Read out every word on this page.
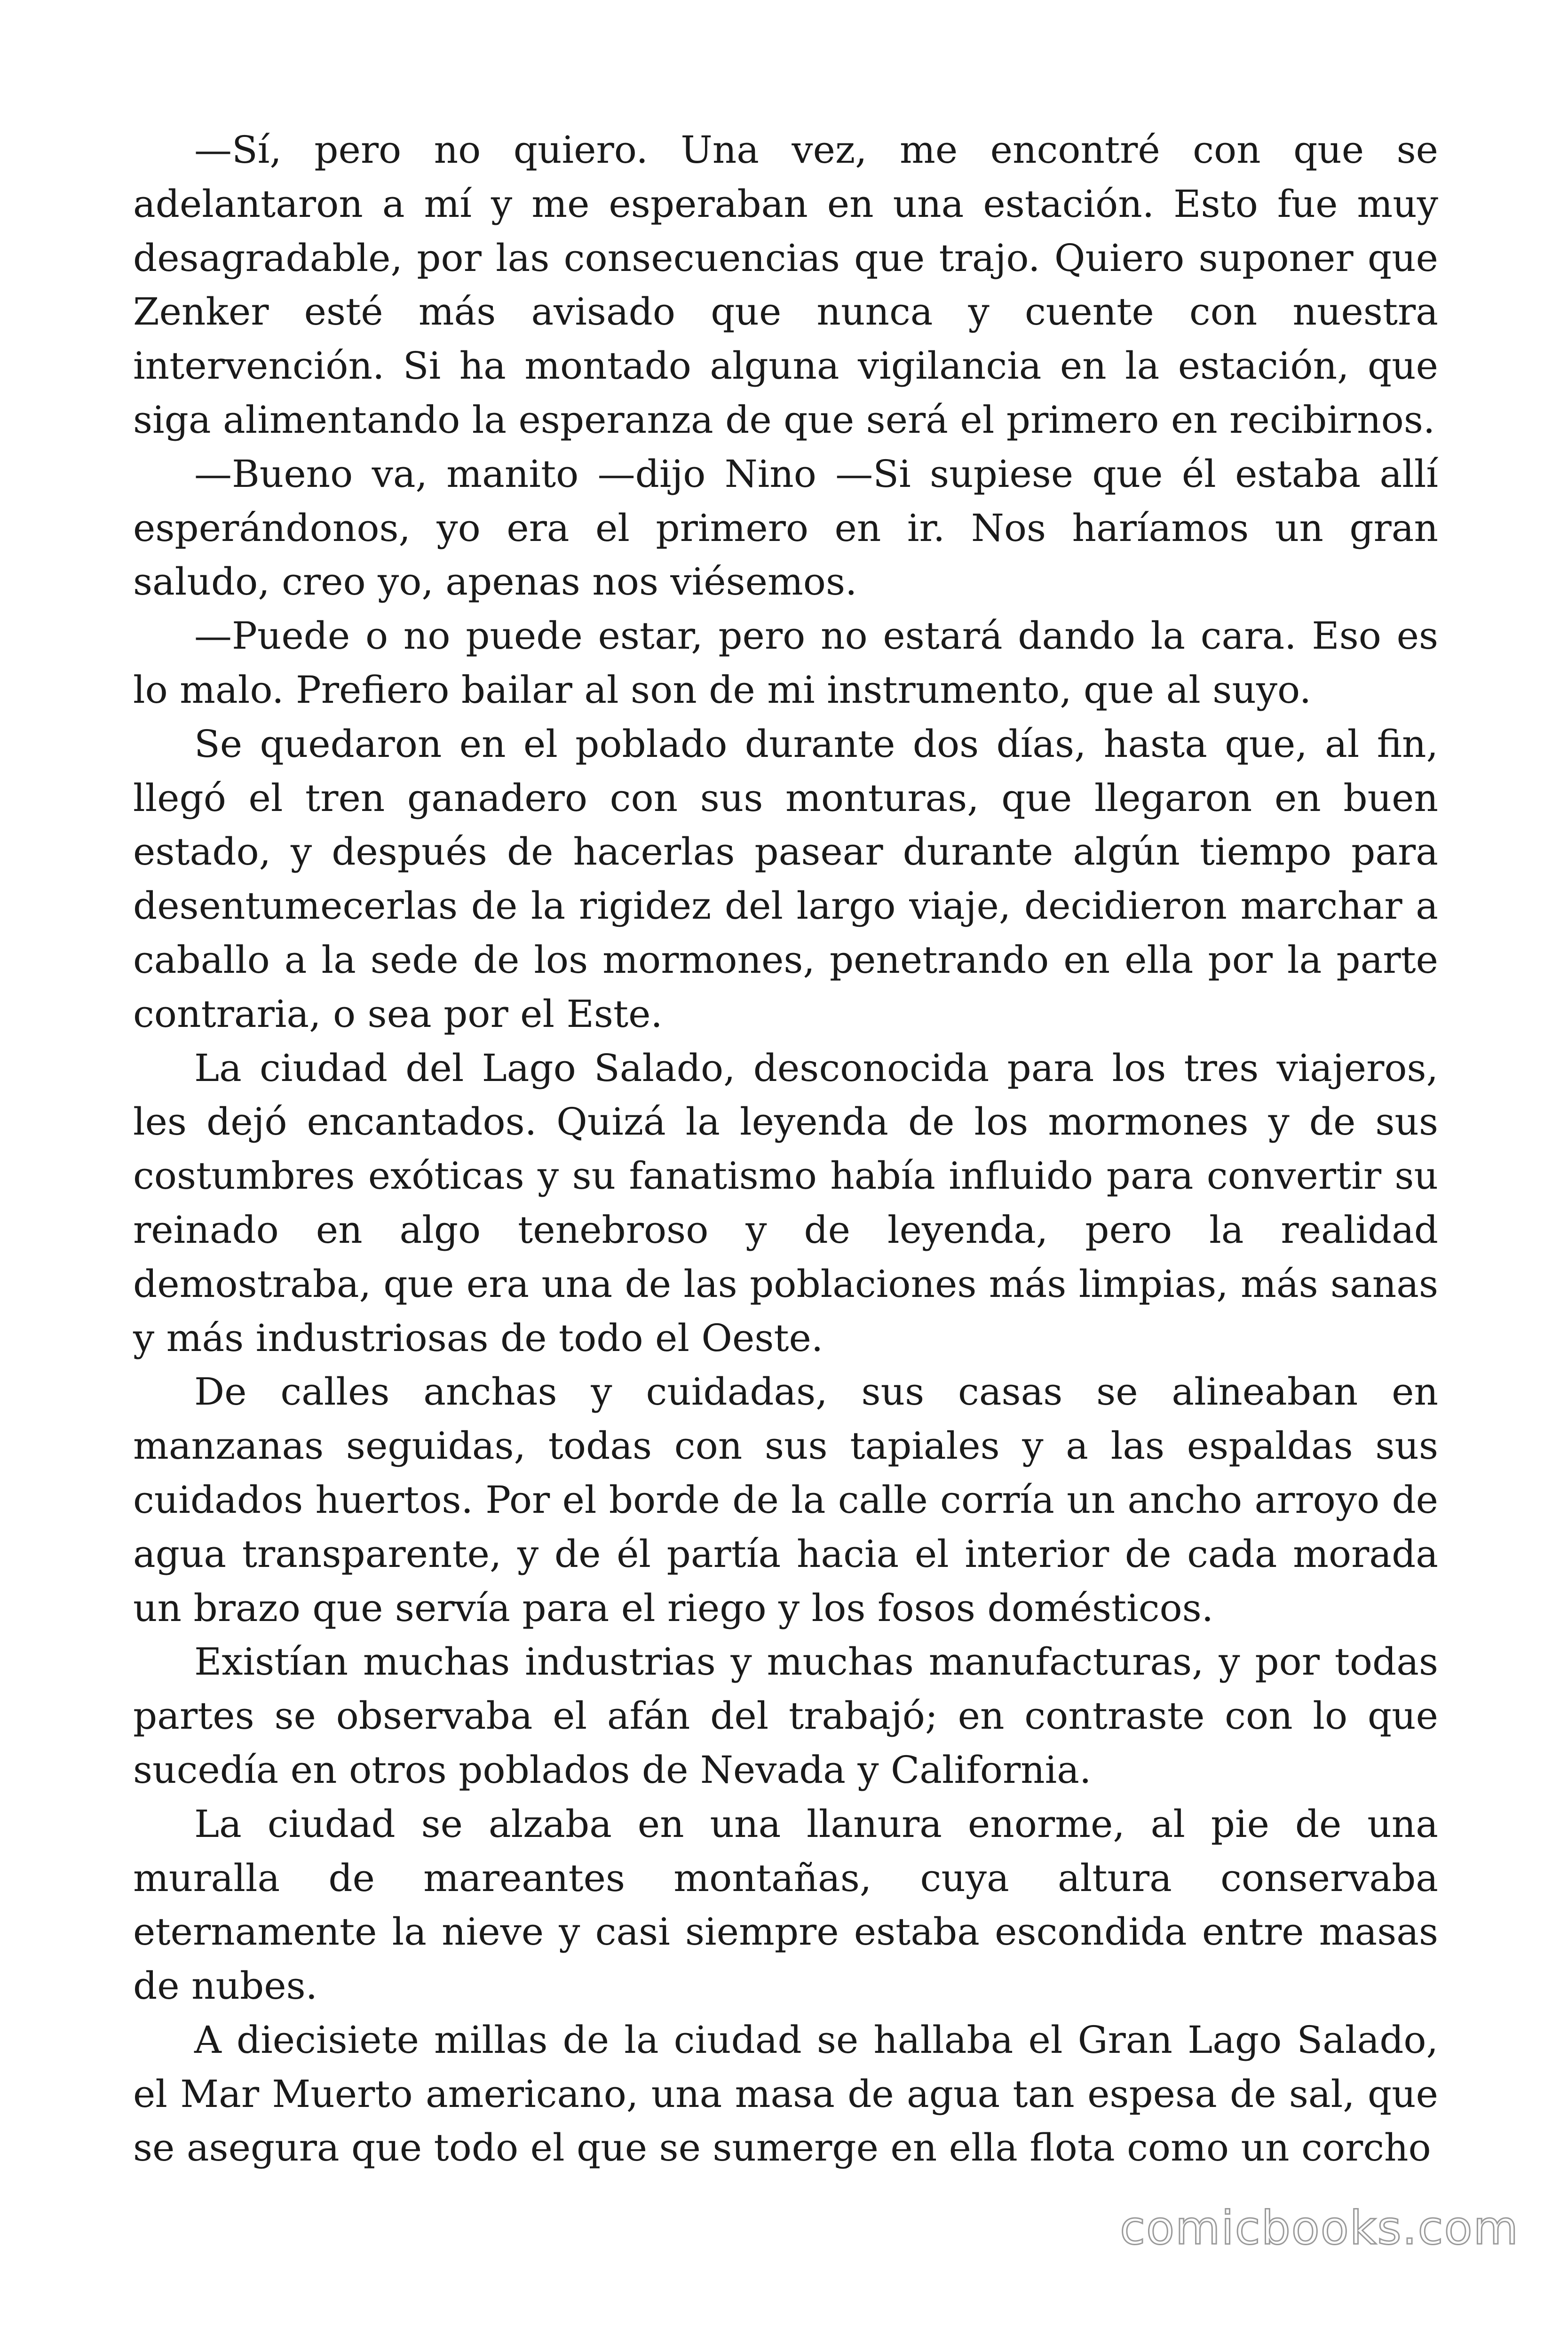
—Sí, pero no quiero. Una vez, me encontré con que se adelantaron a mí y me esperaban en una estación. Esto fue muy desagradable, por las consecuencias que trajo. Quiero suponer que Zenker esté más avisado que nunca y cuente con nuestra intervención. Si ha montado alguna vigilancia en la estación, que siga alimentando la esperanza de que será el primero en recibirnos.

—Bueno va, manito —dijo Nino —Si supiese que él estaba allí esperándonos, yo era el primero en ir. Nos haríamos un gran saludo, creo yo, apenas nos viésemos.

—Puede o no puede estar, pero no estará dando la cara. Eso es lo malo. Prefiero bailar al son de mi instrumento, que al suyo.

Se quedaron en el poblado durante dos días, hasta que, al fin, llegó el tren ganadero con sus monturas, que llegaron en buen estado, y después de hacerlas pasear durante algún tiempo para desentumecerlas de la rigidez del largo viaje, decidieron marchar a caballo a la sede de los mormones, penetrando en ella por la parte contraria, o sea por el Este.

La ciudad del Lago Salado, desconocida para los tres viajeros, les dejó encantados. Quizá la leyenda de los mormones y de sus costumbres exóticas y su fanatismo había influido para convertir su reinado en algo tenebroso y de leyenda, pero la realidad demostraba, que era una de las poblaciones más limpias, más sanas y más industriosas de todo el Oeste.

De calles anchas y cuidadas, sus casas se alineaban en manzanas seguidas, todas con sus tapiales y a las espaldas sus cuidados huertos. Por el borde de la calle corría un ancho arroyo de agua transparente, y de él partía hacia el interior de cada morada un brazo que servía para el riego y los fosos domésticos.

Existían muchas industrias y muchas manufacturas, y por todas partes se observaba el afán del trabajó; en contraste con lo que sucedía en otros poblados de Nevada y California.

La ciudad se alzaba en una llanura enorme, al pie de una muralla de mareantes montañas, cuya altura conservaba eternamente la nieve y casi siempre estaba escondida entre masas de nubes.

A diecisiete millas de la ciudad se hallaba el Gran Lago Salado, el Mar Muerto americano, una masa de agua tan espesa de sal, que se asegura que todo el que se sumerge en ella flota como un corcho

comicbooks.com
